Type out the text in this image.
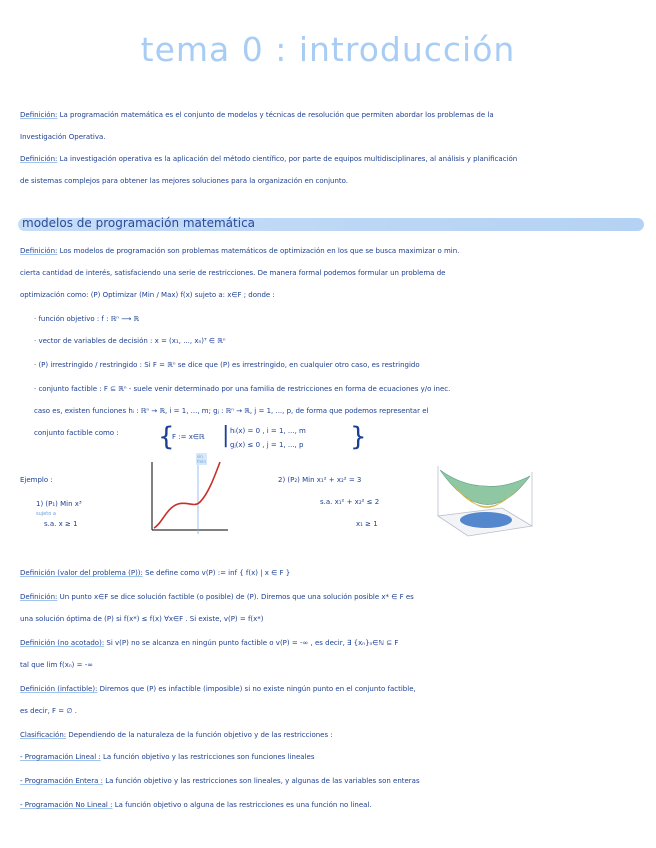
tema 0 : introducción
Definición: La programación matemática es el conjunto de modelos y técnicas de resolución que permiten abordar los problemas de la
Investigación Operativa.
Definición: La investigación operativa es la aplicación del método científico, por parte de equipos multidisciplinares, al análisis y planificación
de sistemas complejos para obtener las mejores soluciones para la organización en conjunto.
modelos de programación matemática
Definición: Los modelos de programación son problemas matemáticos de optimización en los que se busca maximizar o min.
cierta cantidad de interés, satisfaciendo una serie de restricciones. De manera formal podemos formular un problema de
optimización como: (P) Optimizar (Min / Max) f(x) sujeto a: x∈F ; donde :
· función objetivo : f : ℝⁿ ⟶ ℝ
· vector de variables de decisión : x = (x₁, ..., xₙ)ᵀ ∈ ℝⁿ
· (P) irrestringido / restringido : Si F = ℝⁿ se dice que (P) es irrestringido, en cualquier otro caso, es restringido
· conjunto factible : F ⊆ ℝⁿ - suele venir determinado por una familia de restricciones en forma de ecuaciones y/o inec.
caso es, existen funciones hᵢ : ℝⁿ → ℝ, i = 1, ..., m; gⱼ : ℝⁿ → ℝ, j = 1, ..., p, de forma que podemos representar el
conjunto factible como :	{
F := x∈ℝ | hᵢ(x) = 0 , i = 1, ..., m
gⱼ(x) ≤ 0 , j = 1, ..., p }
Ejemplo :
1) (P₁) Min x³
sujeto a
s.a. x ≥ 1
sin
fmin
2) (P₂) Min x₁² + x₂² = 3
s.a. x₁² + x₂² ≤ 2
x₁ ≥ 1
Definición (valor del problema (P)): Se define como v(P) := inf { f(x) | x ∈ F }
Definición: Un punto x∈F se dice solución factible (o posible) de (P). Diremos que una solución posible x* ∈ F es
una solución óptima de (P) si f(x*) ≤ f(x) ∀x∈F . Si existe, v(P) = f(x*)
Definición (no acotado): Si v(P) no se alcanza en ningún punto factible o v(P) = -∞ , es decir, ∃ {xₙ}ₙ∈ℕ ⊆ F
tal que lim f(xₙ) = -∞
Definición (infactible): Diremos que (P) es infactible (imposible) si no existe ningún punto en el conjunto factible,
es decir, F = ∅ .
Clasificación: Dependiendo de la naturaleza de la función objetivo y de las restricciones :
- Programación Lineal : La función objetivo y las restricciones son funciones lineales
- Programación Entera : La función objetivo y las restricciones son lineales, y algunas de las variables son enteras
- Programación No Lineal : La función objetivo o alguna de las restricciones es una función no lineal.
